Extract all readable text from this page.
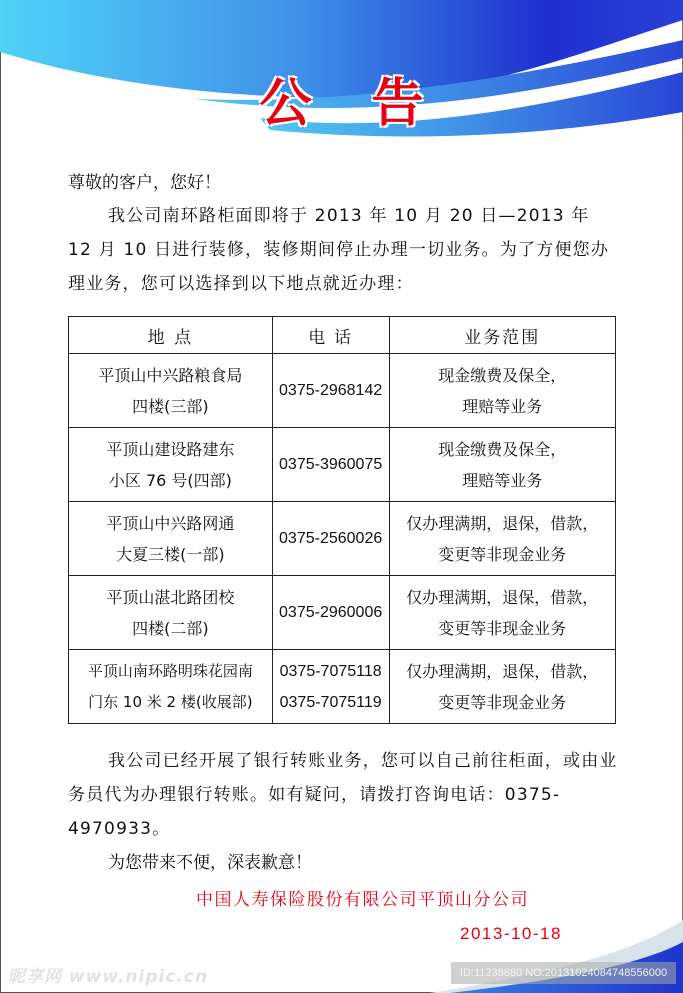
公告
尊敬的客户，您好！
我公司南环路柜面即将于 2013 年 10 月 20 日—2013 年 12 月 10 日进行装修，装修期间停止办理一切业务。为了方便您办理业务，您可以选择到以下地点就近办理：
地 点	电 话	业务范围

平顶山中兴路粮食局
四楼(三部)	0375-2968142	现金缴费及保全，
理赔等业务

平顶山建设路建东
小区 76 号(四部)	0375-3960075	现金缴费及保全，
理赔等业务

平顶山中兴路网通
大夏三楼(一部)	0375-2560026	仅办理满期，退保，借款，
变更等非现金业务

平顶山湛北路团校
四楼(二部)	0375-2960006	仅办理满期，退保，借款，
变更等非现金业务

平顶山南环路明珠花园南
门东 10 米 2 楼(收展部)	0375-7075118
0375-7075119	仅办理满期，退保，借款，
变更等非现金业务
我公司已经开展了银行转账业务，您可以自己前往柜面，或由业务员代为办理银行转账。如有疑问，请拨打咨询电话：0375-4970933。
为您带来不便，深表歉意！
中国人寿保险股份有限公司平顶山分公司
2013-10-18
昵享网 www.nipic.cn	ID:11238880 NO:20131024084748556000
